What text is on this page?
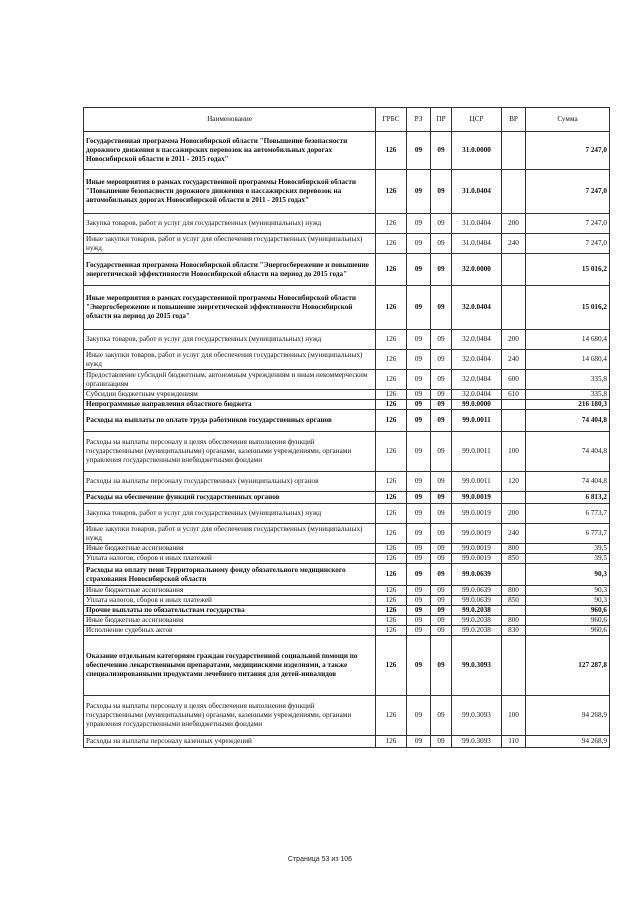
Наименование	ГРБС	РЗ	ПР	ЦСР	ВР	Сумма
Государственная программа Новосибирской области "Повышение безопасности дорожного движения в пассажирских перевозок на автомобильных дорогах Новосибирской области в 2011 - 2015 годах"	126	09	09	31.0.0000		7 247,0
Иные мероприятия в рамках государственной программы Новосибирской области "Повышение безопасности дорожного движения в пассажирских перевозок на автомобильных дорогах Новосибирской области в 2011 - 2015 годах"	126	09	09	31.0.0404		7 247,0
Закупка товаров, работ и услуг для государственных (муниципальных) нужд	126	09	09	31.0.0404	200	7 247,0
Иные закупки товаров, работ и услуг для обеспечения государственных (муниципальных) нужд	126	09	09	31.0.0404	240	7 247,0
Государственная программа Новосибирской области "Энергосбережение и повышение энергетической эффективности Новосибирской области на период до 2015 года"	126	09	09	32.0.0000		15 016,2
Иные мероприятия в рамках государственной программы Новосибирской области "Энергосбережение и повышение энергетической эффективности Новосибирской области на период до 2015 года"	126	09	09	32.0.0404		15 016,2
Закупка товаров, работ и услуг для государственных (муниципальных) нужд	126	09	09	32.0.0404	200	14 680,4
Иные закупки товаров, работ и услуг для обеспечения государственных (муниципальных) нужд	126	09	09	32.0.0404	240	14 680,4
Предоставление субсидий бюджетным, автономным учреждениям и иным некоммерческим организациям	126	09	09	32.0.0404	600	335,8
Субсидии бюджетным учреждениям	126	09	09	32.0.0404	610	335,8
Непрограммные направления областного бюджета	126	09	09	99.0.0000		216 180,3
Расходы на выплаты по оплате труда работников государственных органов	126	09	09	99.0.0011		74 404,8
Расходы на выплаты персоналу в целях обеспечения выполнения функций государственными (муниципальными) органами, казенными учреждениями, органами управления государственными внебюджетными фондами	126	09	09	99.0.0011	100	74 404,8
Расходы на выплаты персоналу государственных (муниципальных) органов	126	09	09	99.0.0011	120	74 404,8
Расходы на обеспечение функций государственных органов	126	09	09	99.0.0019		6 813,2
Закупка товаров, работ и услуг для государственных (муниципальных) нужд	126	09	09	99.0.0019	200	6 773,7
Иные закупки товаров, работ и услуг для обеспечения государственных (муниципальных) нужд	126	09	09	99.0.0019	240	6 773,7
Иные бюджетные ассигнования	126	09	09	99.0.0019	800	39,5
Уплата налогов, сборов и иных платежей	126	09	09	99.0.0019	850	39,5
Расходы на оплату пени Территориальному фонду обязательного медицинского страхования Новосибирской области	126	09	09	99.0.0639		90,3
Иные бюджетные ассигнования	126	09	09	99.0.0639	800	90,3
Уплата налогов, сборов и иных платежей	126	09	09	99.0.0639	850	90,3
Прочие выплаты по обязательствам государства	126	09	09	99.0.2038		960,6
Иные бюджетные ассигнования	126	09	09	99.0.2038	800	960,6
Исполнение судебных актов	126	09	09	99.0.2038	830	960,6
Оказание отдельным категориям граждан государственной социальной помощи по обеспечению лекарственными препаратами, медицинскими изделиями, а также специализированными продуктами лечебного питания для детей-инвалидов	126	09	09	99.0.3093		127 287,8
Расходы на выплаты персоналу в целях обеспечения выполнения функций государственными (муниципальными) органами, казенными учреждениями, органами управления государственными внебюджетными фондами	126	09	09	99.0.3093	100	94 268,9
Расходы на выплаты персоналу казенных учреждений	126	09	09	99.0.3093	110	94 268,9
Страница 53 из 106
